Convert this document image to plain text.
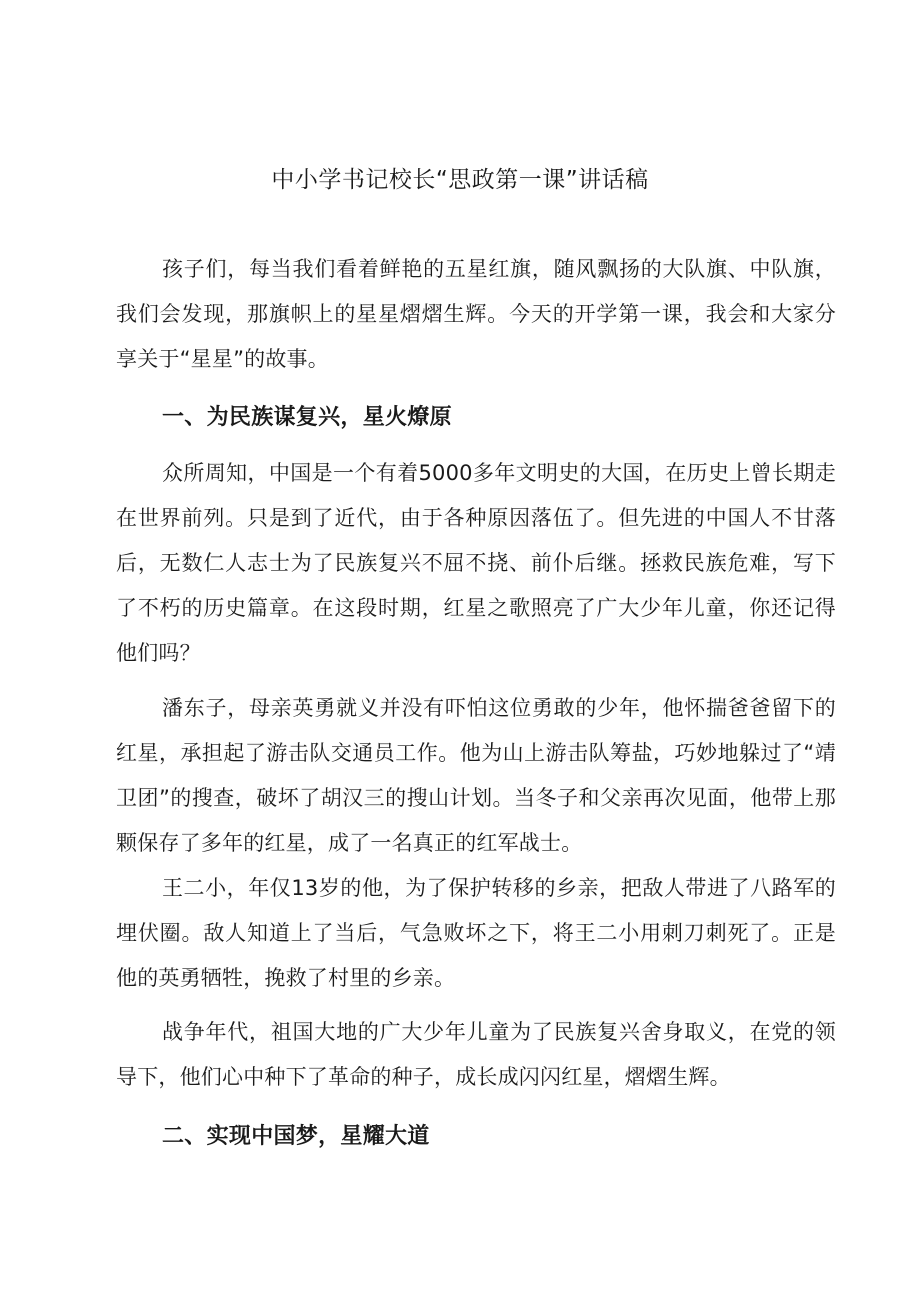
中小学书记校长“思政第一课”讲话稿

孩子们，每当我们看着鲜艳的五星红旗，随风飘扬的大队旗、中队旗，我们会发现，那旗帜上的星星熠熠生辉。今天的开学第一课，我会和大家分享关于“星星”的故事。

一、为民族谋复兴，星火燎原

众所周知，中国是一个有着5000多年文明史的大国，在历史上曾长期走在世界前列。只是到了近代，由于各种原因落伍了。但先进的中国人不甘落后，无数仁人志士为了民族复兴不屈不挠、前仆后继。拯救民族危难，写下了不朽的历史篇章。在这段时期，红星之歌照亮了广大少年儿童，你还记得他们吗？

潘东子，母亲英勇就义并没有吓怕这位勇敢的少年，他怀揣爸爸留下的红星，承担起了游击队交通员工作。他为山上游击队筹盐，巧妙地躲过了“靖卫团”的搜查，破坏了胡汉三的搜山计划。当冬子和父亲再次见面，他带上那颗保存了多年的红星，成了一名真正的红军战士。

王二小，年仅13岁的他，为了保护转移的乡亲，把敌人带进了八路军的埋伏圈。敌人知道上了当后，气急败坏之下，将王二小用刺刀刺死了。正是他的英勇牺牲，挽救了村里的乡亲。

战争年代，祖国大地的广大少年儿童为了民族复兴舍身取义，在党的领导下，他们心中种下了革命的种子，成长成闪闪红星，熠熠生辉。

二、实现中国梦，星耀大道
